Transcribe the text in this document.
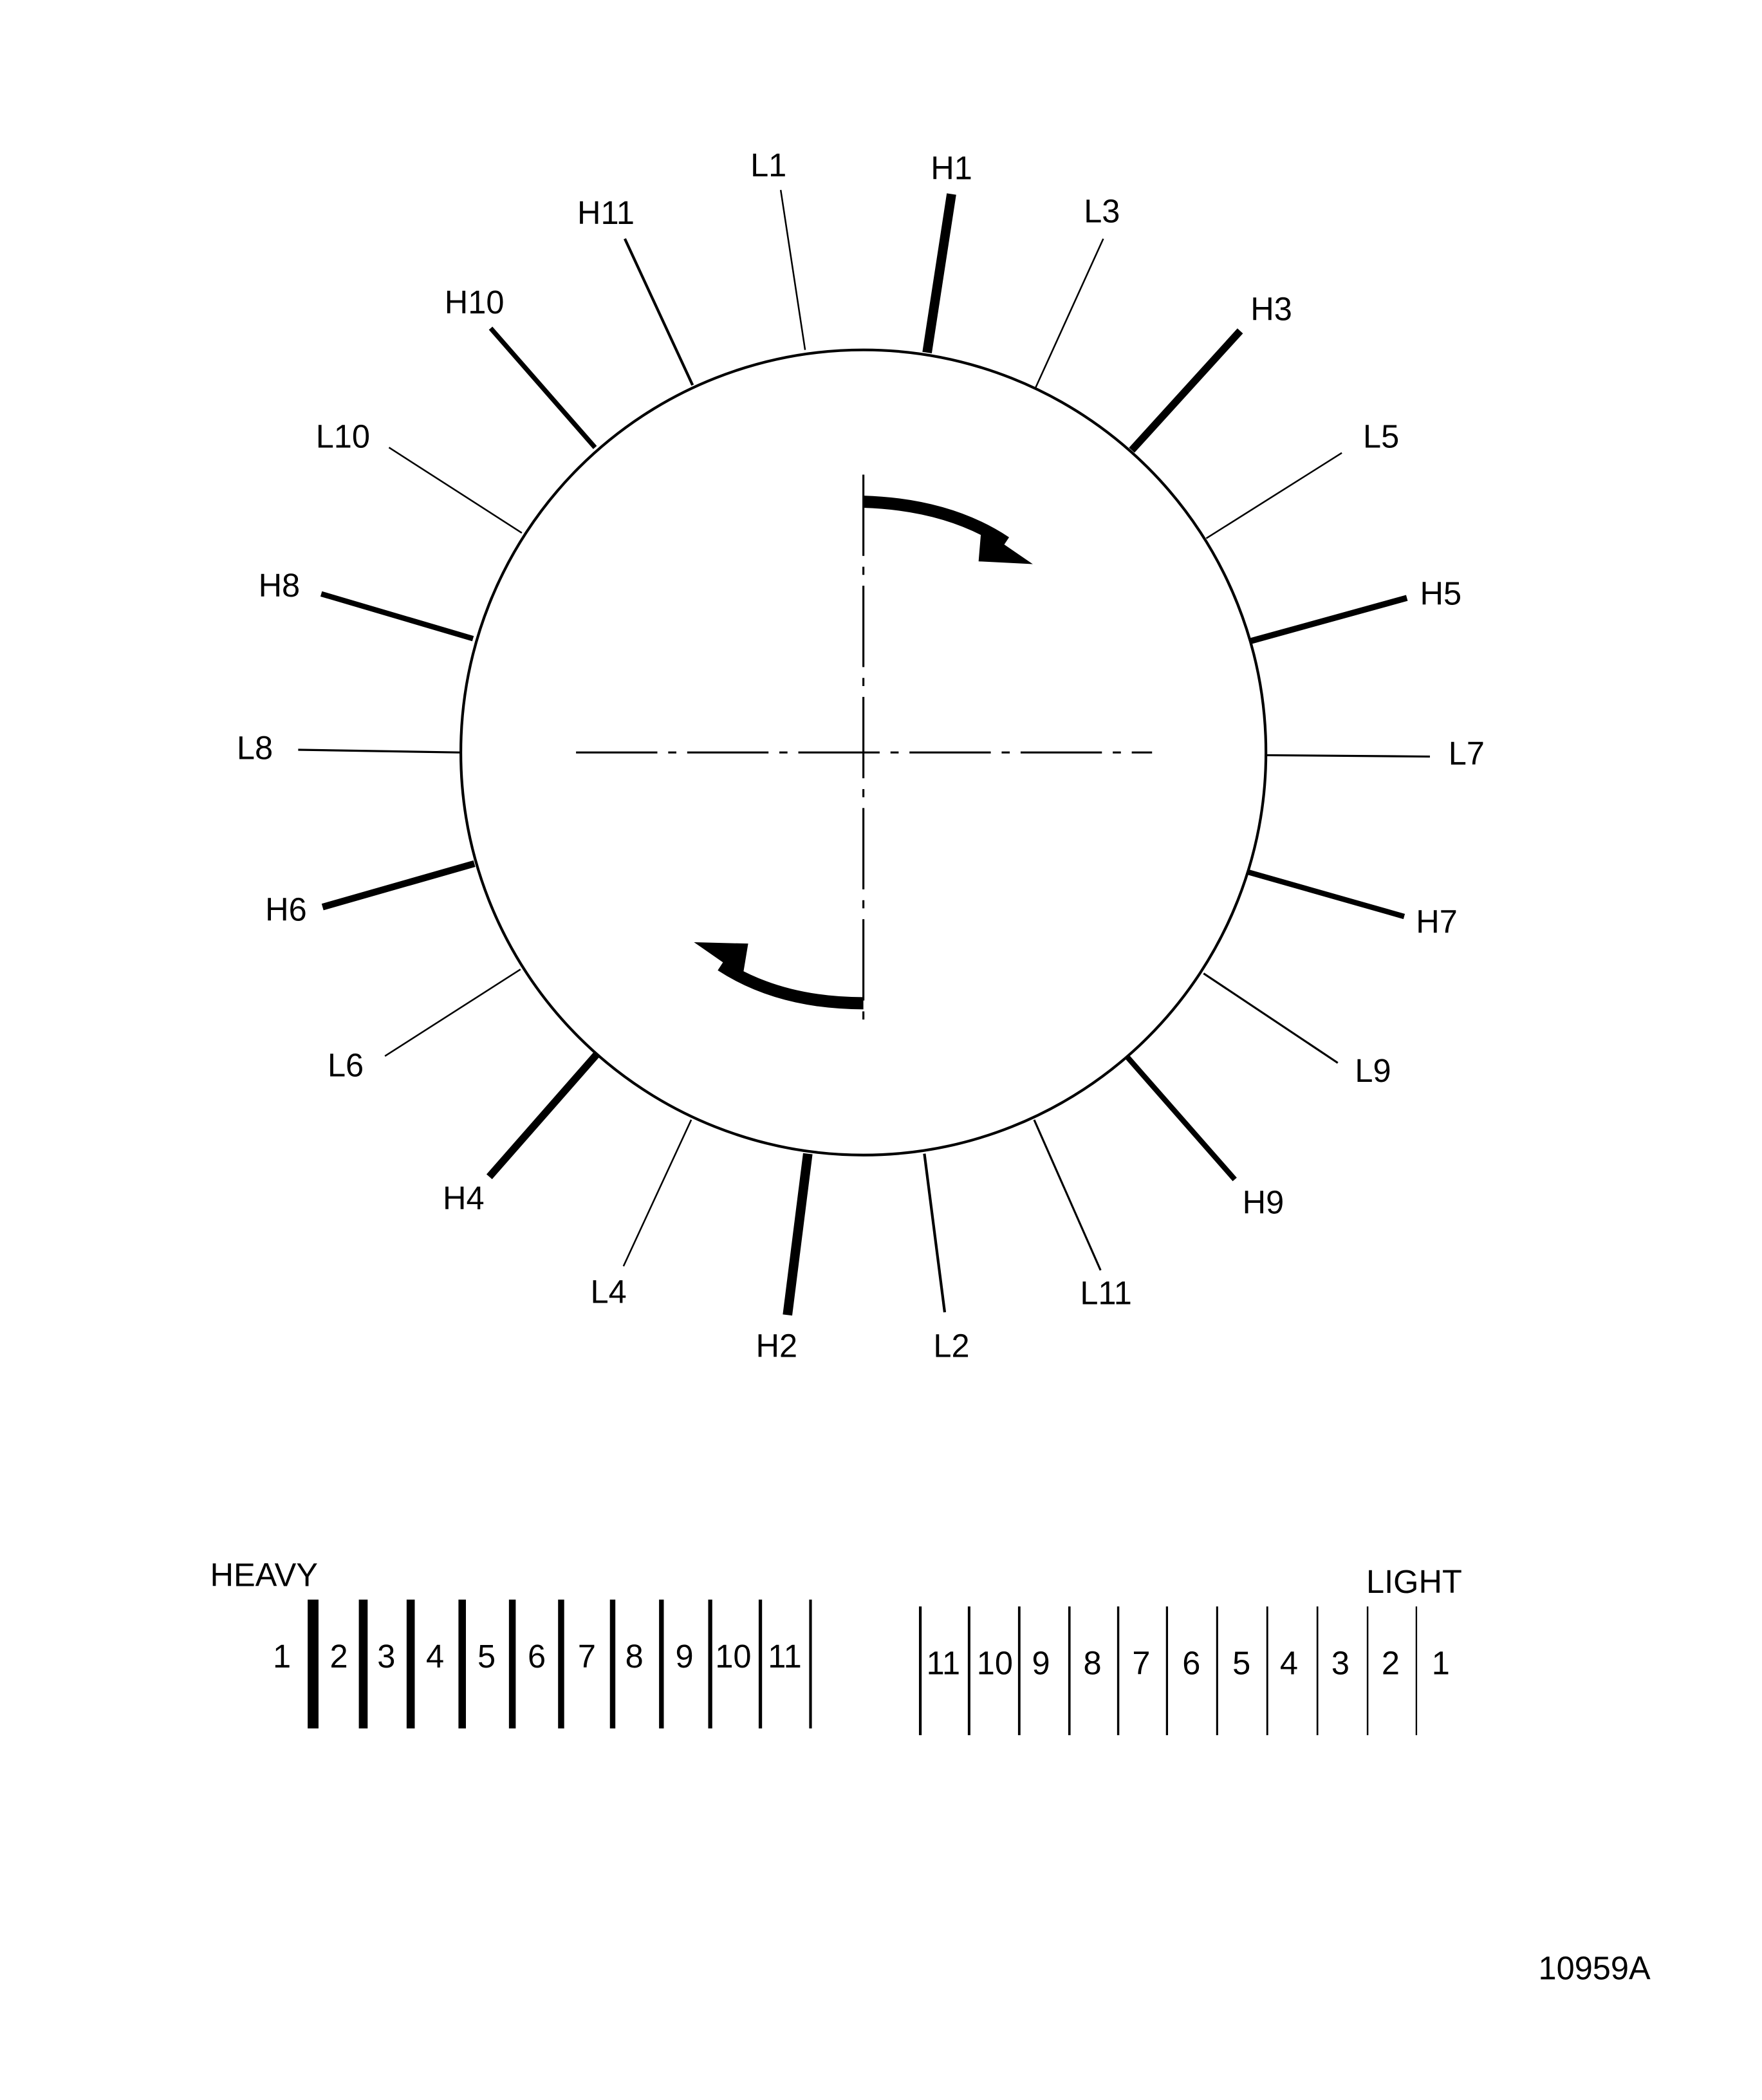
L1	H1
L3
H3
L5
H5
L7
H7
L9
H9
L11
L2
H2
L4
H4
L6
H6
L8
H8
L10
H10
H11
HEAVY	LIGHT
1	2 3 4 5 6 7 8 9 10 11	11 10 9 8 7 6 5 4 3 2 1
10959A
